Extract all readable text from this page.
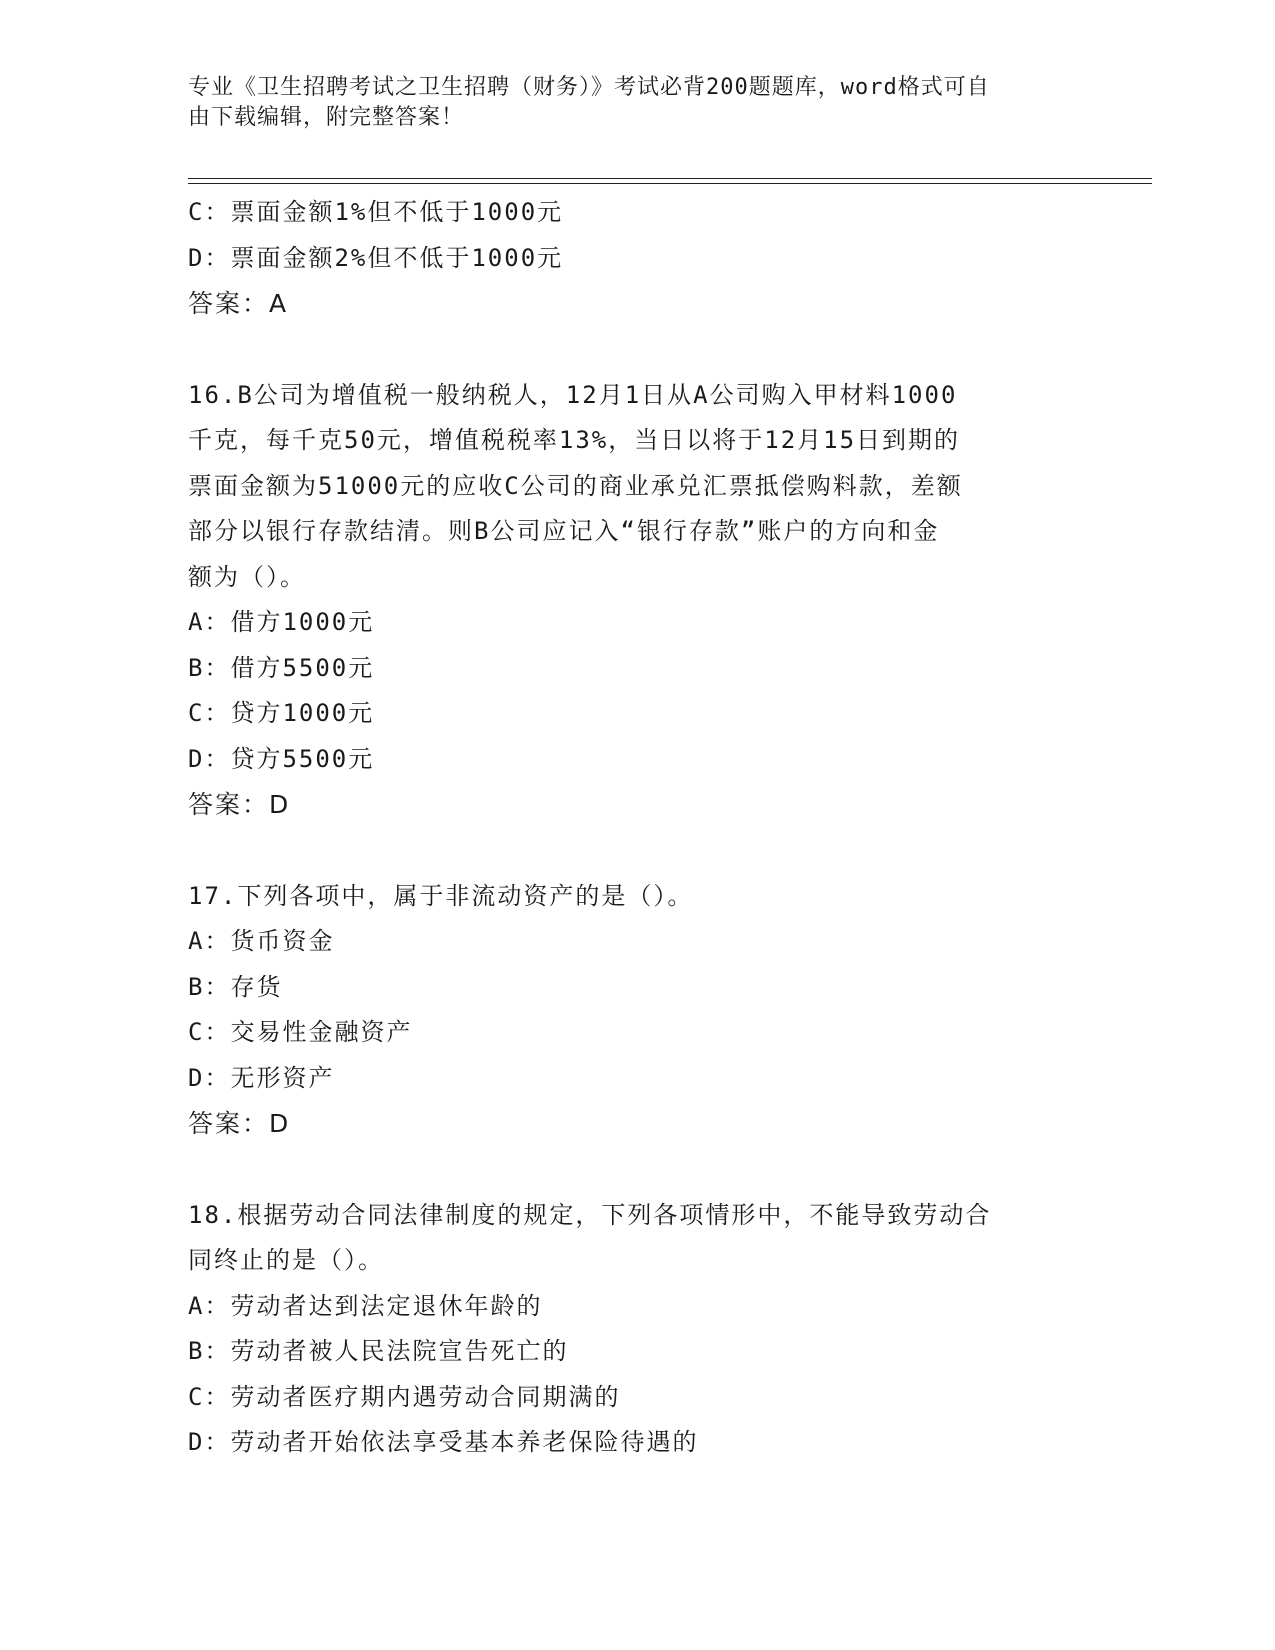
专业《卫生招聘考试之卫生招聘（财务）》考试必背200题题库，word格式可自
由下载编辑，附完整答案！
C：票面金额1%但不低于1000元
D：票面金额2%但不低于1000元
答案：A
16.B公司为增值税一般纳税人，12月1日从A公司购入甲材料1000
千克，每千克50元，增值税税率13%，当日以将于12月15日到期的
票面金额为51000元的应收C公司的商业承兑汇票抵偿购料款，差额
部分以银行存款结清。则B公司应记入“银行存款”账户的方向和金
额为（）。
A：借方1000元
B：借方5500元
C：贷方1000元
D：贷方5500元
答案：D
17.下列各项中，属于非流动资产的是（）。
A：货币资金
B：存货
C：交易性金融资产
D：无形资产
答案：D
18.根据劳动合同法律制度的规定，下列各项情形中，不能导致劳动合
同终止的是（）。
A：劳动者达到法定退休年龄的
B：劳动者被人民法院宣告死亡的
C：劳动者医疗期内遇劳动合同期满的
D：劳动者开始依法享受基本养老保险待遇的
